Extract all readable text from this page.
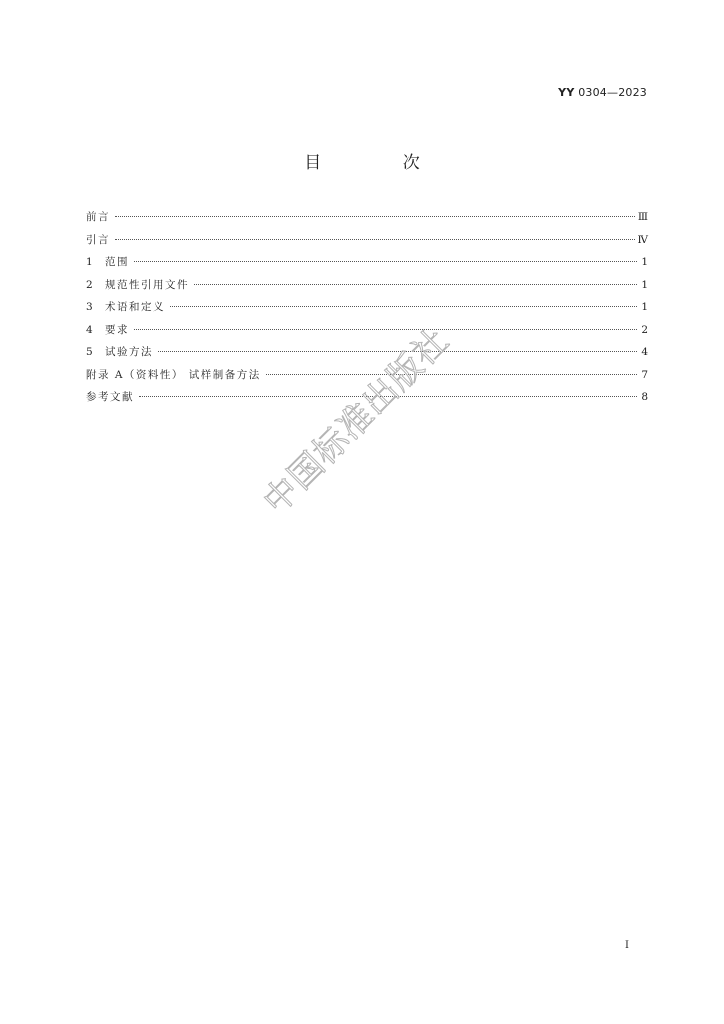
YY 0304—2023
目 次
前言	Ⅲ
引言	Ⅳ
1	范围	1
2	规范性引用文件	1
3	术语和定义	1
4	要求	2
5	试验方法	4
附录 A（资料性） 试样制备方法	7
参考文献	8
中国标准出版社
Ⅰ
